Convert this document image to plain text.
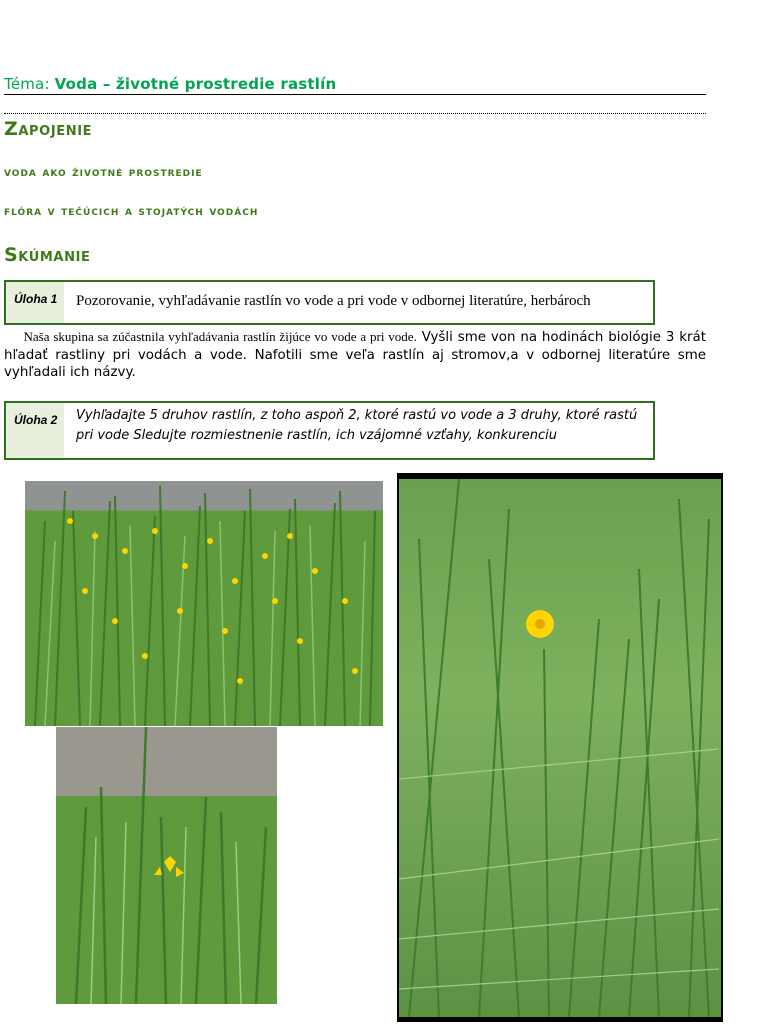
Téma: Voda – životné prostredie rastlín
Zapojenie
voda ako životné prostredie
flóra v tečúcich a stojatých vodách
Skúmanie
Úloha 1	Pozorovanie, vyhľadávanie rastlín vo vode a pri vode v odbornej literatúre, herbároch
Naša skupina sa zúčastnila vyhľadávania rastlín žijúce vo vode a pri vode. Vyšli sme von na hodinách biológie 3 krát hľadať rastliny pri vodách a vode. Nafotili sme veľa rastlín aj stromov,a v odbornej literatúre sme vyhľadali ich názvy.
Úloha 2	Vyhľadajte 5 druhov rastlín, z toho aspoň 2, ktoré rastú vo vode a 3 druhy, ktoré rastú pri vode Sledujte rozmiestnenie rastlín, ich vzájomné vzťahy, konkurenciu
